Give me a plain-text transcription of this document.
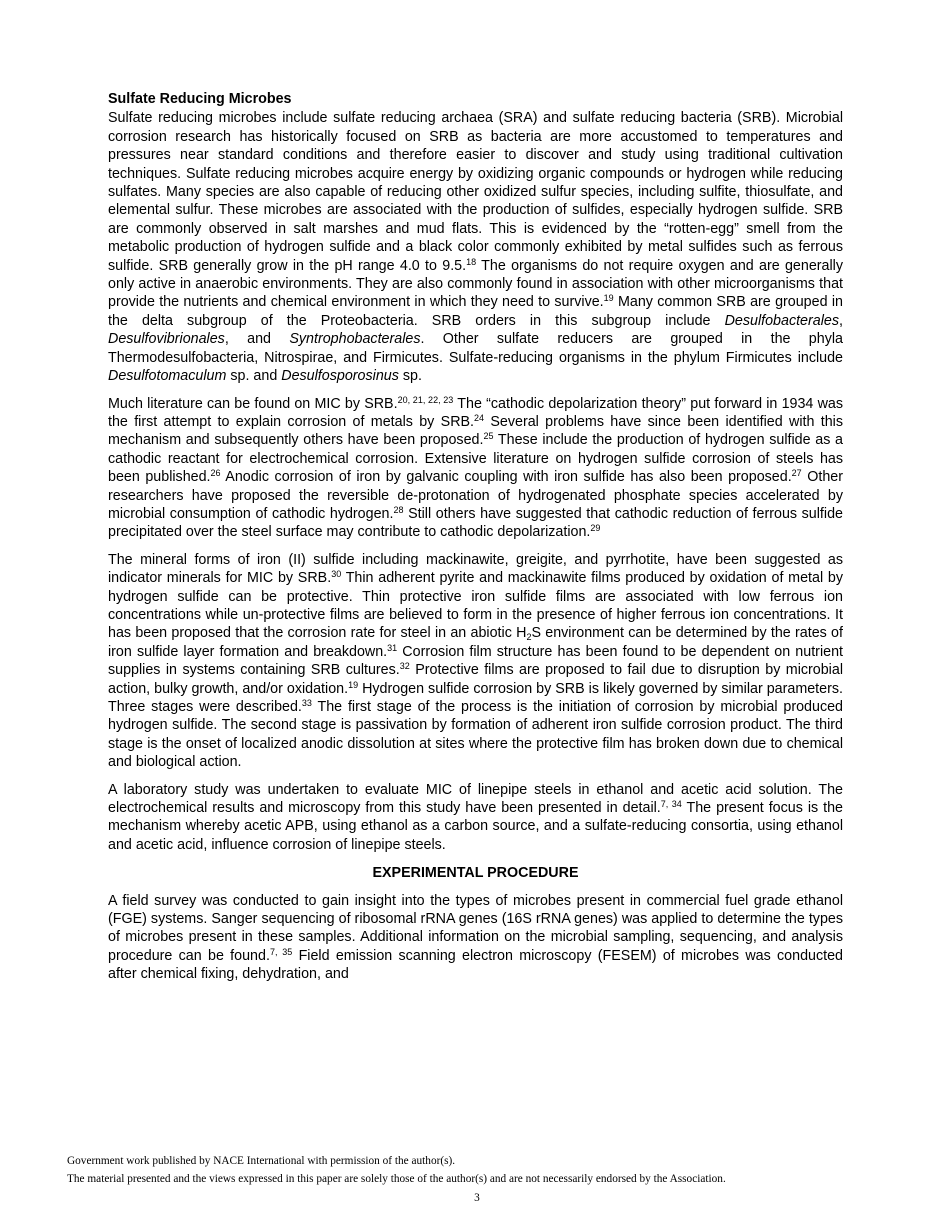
Sulfate Reducing Microbes

Sulfate reducing microbes include sulfate reducing archaea (SRA) and sulfate reducing bacteria (SRB). Microbial corrosion research has historically focused on SRB as bacteria are more accustomed to temperatures and pressures near standard conditions and therefore easier to discover and study using traditional cultivation techniques. Sulfate reducing microbes acquire energy by oxidizing organic compounds or hydrogen while reducing sulfates. Many species are also capable of reducing other oxidized sulfur species, including sulfite, thiosulfate, and elemental sulfur. These microbes are associated with the production of sulfides, especially hydrogen sulfide. SRB are commonly observed in salt marshes and mud flats. This is evidenced by the “rotten-egg” smell from the metabolic production of hydrogen sulfide and a black color commonly exhibited by metal sulfides such as ferrous sulfide. SRB generally grow in the pH range 4.0 to 9.5.18 The organisms do not require oxygen and are generally only active in anaerobic environments. They are also commonly found in association with other microorganisms that provide the nutrients and chemical environment in which they need to survive.$^{19}$ Many common SRB are grouped in the delta subgroup of the Proteobacteria. SRB orders in this subgroup include Desulfobacterales, Desulfovibrionales, and Syntrophobacterales. Other sulfate reducers are grouped in the phyla Thermodesulfobacteria, Nitrospirae, and Firmicutes. Sulfate-reducing organisms in the phylum Firmicutes include Desulfotomaculum sp. and Desulfosporosinus sp.

Much literature can be found on MIC by SRB.$^{20, 21, 22, 23}$ The “cathodic depolarization theory” put forward in 1934 was the first attempt to explain corrosion of metals by SRB.$^{24}$ Several problems have since been identified with this mechanism and subsequently others have been proposed.$^{25}$ These include the production of hydrogen sulfide as a cathodic reactant for electrochemical corrosion. Extensive literature on hydrogen sulfide corrosion of steels has been published.$^{26}$ Anodic corrosion of iron by galvanic coupling with iron sulfide has also been proposed.$^{27}$ Other researchers have proposed the reversible de-protonation of hydrogenated phosphate species accelerated by microbial consumption of cathodic hydrogen.$^{28}$ Still others have suggested that cathodic reduction of ferrous sulfide precipitated over the steel surface may contribute to cathodic depolarization.$^{29}$

The mineral forms of iron (II) sulfide including mackinawite, greigite, and pyrrhotite, have been suggested as indicator minerals for MIC by SRB.$^{30}$ Thin adherent pyrite and mackinawite films produced by oxidation of metal by hydrogen sulfide can be protective. Thin protective iron sulfide films are associated with low ferrous ion concentrations while un-protective films are believed to form in the presence of higher ferrous ion concentrations. It has been proposed that the corrosion rate for steel in an abiotic $H_2S$ environment can be determined by the rates of iron sulfide layer formation and breakdown.$^{31}$ Corrosion film structure has been found to be dependent on nutrient supplies in systems containing SRB cultures.$^{32}$ Protective films are proposed to fail due to disruption by microbial action, bulky growth, and/or oxidation.$^{19}$ Hydrogen sulfide corrosion by SRB is likely governed by similar parameters. Three stages were described.$^{33}$ The first stage of the process is the initiation of corrosion by microbial produced hydrogen sulfide. The second stage is passivation by formation of adherent iron sulfide corrosion product. The third stage is the onset of localized anodic dissolution at sites where the protective film has broken down due to chemical and biological action.

A laboratory study was undertaken to evaluate MIC of linepipe steels in ethanol and acetic acid solution. The electrochemical results and microscopy from this study have been presented in detail.$^{7, 34}$ The present focus is the mechanism whereby acetic APB, using ethanol as a carbon source, and a sulfate-reducing consortia, using ethanol and acetic acid, influence corrosion of linepipe steels.

EXPERIMENTAL PROCEDURE

A field survey was conducted to gain insight into the types of microbes present in commercial fuel grade ethanol (FGE) systems. Sanger sequencing of ribosomal rRNA genes (16S rRNA genes) was applied to determine the types of microbes present in these samples. Additional information on the microbial sampling, sequencing, and analysis procedure can be found.$^{7, 35}$ Field emission scanning electron microscopy (FESEM) of microbes was conducted after chemical fixing, dehydration, and

Government work published by NACE International with permission of the author(s).
The material presented and the views expressed in this paper are solely those of the author(s) and are not necessarily endorsed by the Association.
3
